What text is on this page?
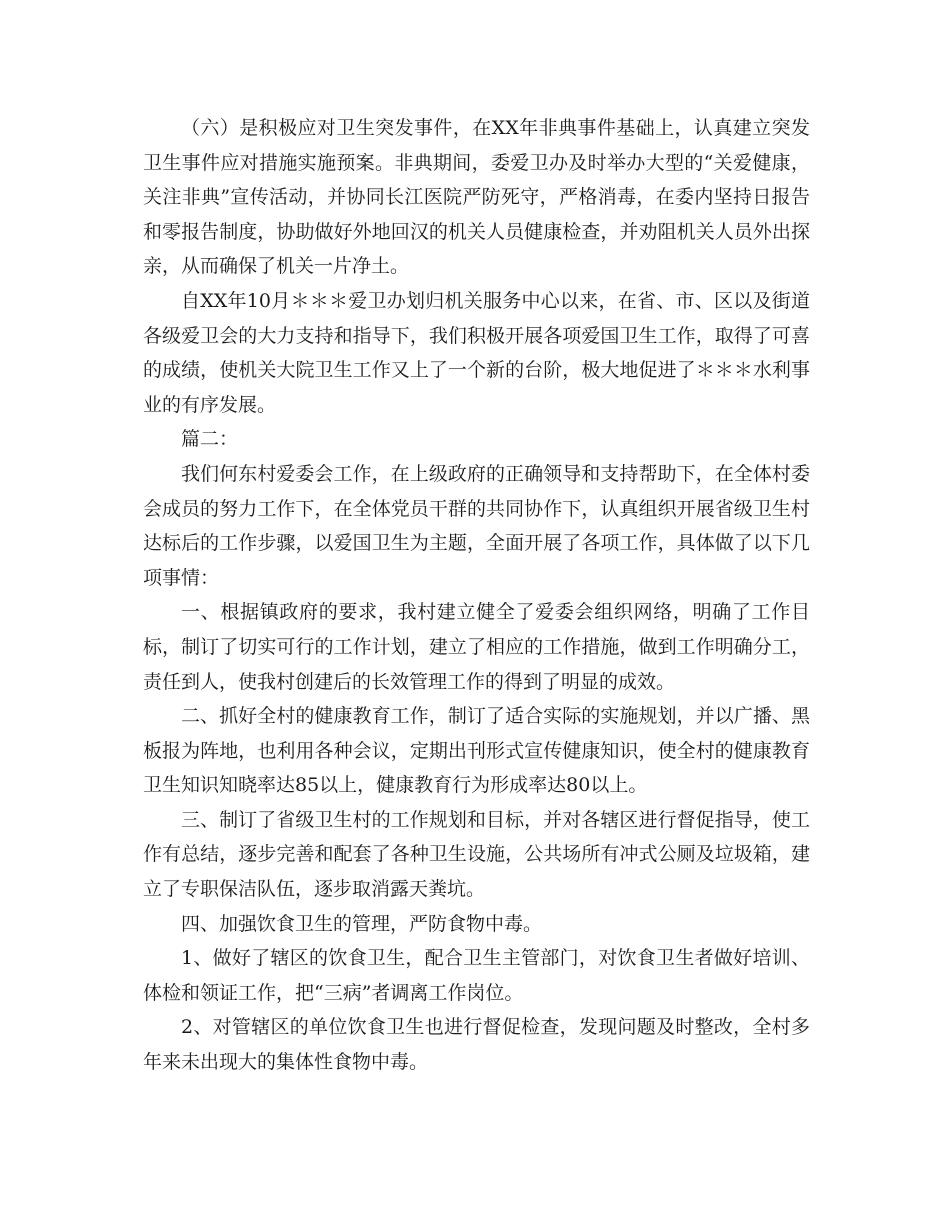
（六）是积极应对卫生突发事件，在XX年非典事件基础上，认真建立突发卫生事件应对措施实施预案。非典期间，委爱卫办及时举办大型的“关爱健康，关注非典”宣传活动，并协同长江医院严防死守，严格消毒，在委内坚持日报告和零报告制度，协助做好外地回汉的机关人员健康检查，并劝阻机关人员外出探亲，从而确保了机关一片净土。

自XX年10月＊＊＊爱卫办划归机关服务中心以来，在省、市、区以及街道各级爱卫会的大力支持和指导下，我们积极开展各项爱国卫生工作，取得了可喜的成绩，使机关大院卫生工作又上了一个新的台阶，极大地促进了＊＊＊水利事业的有序发展。

篇二：

我们何东村爱委会工作，在上级政府的正确领导和支持帮助下，在全体村委会成员的努力工作下，在全体党员干群的共同协作下，认真组织开展省级卫生村达标后的工作步骤，以爱国卫生为主题，全面开展了各项工作，具体做了以下几项事情：

一、根据镇政府的要求，我村建立健全了爱委会组织网络，明确了工作目标，制订了切实可行的工作计划，建立了相应的工作措施，做到工作明确分工，责任到人，使我村创建后的长效管理工作的得到了明显的成效。

二、抓好全村的健康教育工作，制订了适合实际的实施规划，并以广播、黑板报为阵地，也利用各种会议，定期出刊形式宣传健康知识，使全村的健康教育卫生知识知晓率达85以上，健康教育行为形成率达80以上。

三、制订了省级卫生村的工作规划和目标，并对各辖区进行督促指导，使工作有总结，逐步完善和配套了各种卫生设施，公共场所有冲式公厕及垃圾箱，建立了专职保洁队伍，逐步取消露天粪坑。

四、加强饮食卫生的管理，严防食物中毒。

1、做好了辖区的饮食卫生，配合卫生主管部门，对饮食卫生者做好培训、体检和领证工作，把“三病”者调离工作岗位。

2、对管辖区的单位饮食卫生也进行督促检查，发现问题及时整改，全村多年来未出现大的集体性食物中毒。
